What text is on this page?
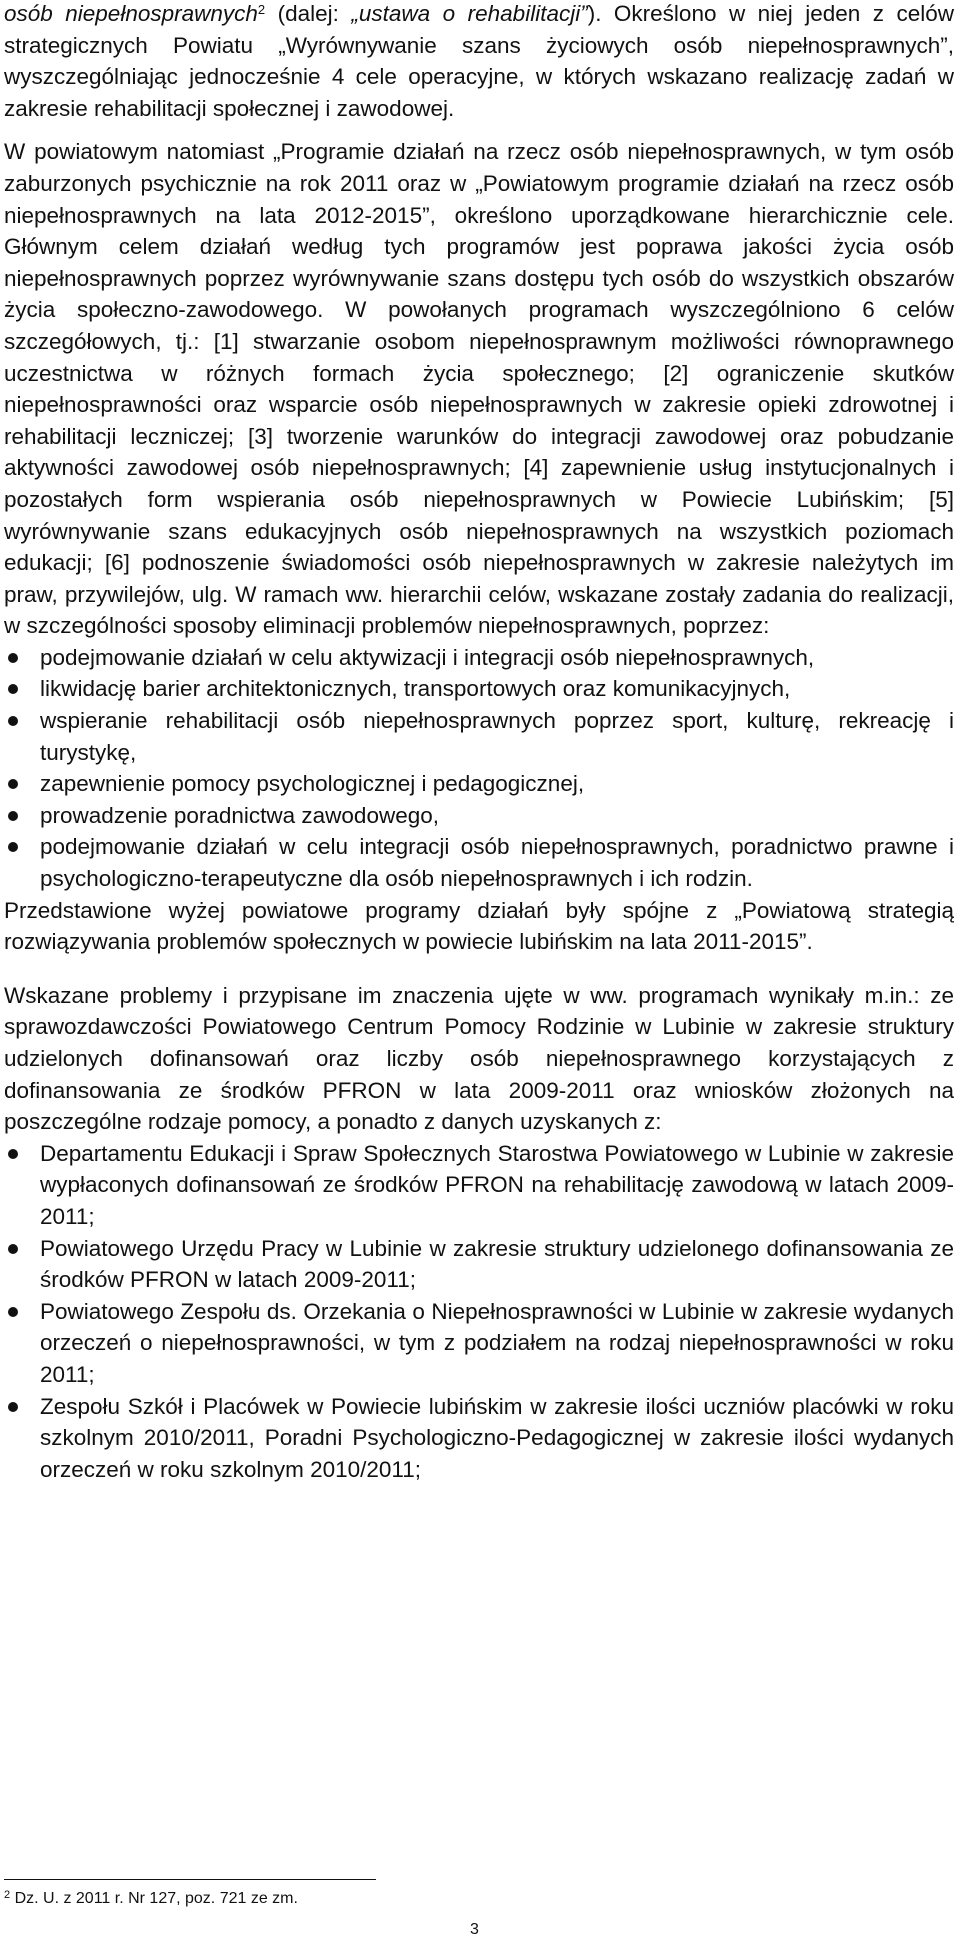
osób niepełnosprawnych$^2$ (dalej: „ustawa o rehabilitacji”). Określono w niej jeden z celów strategicznych Powiatu „Wyrównywanie szans życiowych osób niepełnosprawnych”, wyszczególniając jednocześnie 4 cele operacyjne, w których wskazano realizację zadań w zakresie rehabilitacji społecznej i zawodowej.

W powiatowym natomiast „Programie działań na rzecz osób niepełnosprawnych, w tym osób zaburzonych psychicznie na rok 2011 oraz w „Powiatowym programie działań na rzecz osób niepełnosprawnych na lata 2012-2015”, określono uporządkowane hierarchicznie cele. Głównym celem działań według tych programów jest poprawa jakości życia osób niepełnosprawnych poprzez wyrównywanie szans dostępu tych osób do wszystkich obszarów życia społeczno-zawodowego. W powołanych programach wyszczególniono 6 celów szczegółowych, tj.: [1] stwarzanie osobom niepełnosprawnym możliwości równoprawnego uczestnictwa w różnych formach życia społecznego; [2] ograniczenie skutków niepełnosprawności oraz wsparcie osób niepełnosprawnych w zakresie opieki zdrowotnej i rehabilitacji leczniczej; [3] tworzenie warunków do integracji zawodowej oraz pobudzanie aktywności zawodowej osób niepełnosprawnych; [4] zapewnienie usług instytucjonalnych i pozostałych form wspierania osób niepełnosprawnych w Powiecie Lubińskim; [5] wyrównywanie szans edukacyjnych osób niepełnosprawnych na wszystkich poziomach edukacji; [6] podnoszenie świadomości osób niepełnosprawnych w zakresie należytych im praw, przywilejów, ulg. W ramach ww. hierarchii celów, wskazane zostały zadania do realizacji, w szczególności sposoby eliminacji problemów niepełnosprawnych, poprzez:

podejmowanie działań w celu aktywizacji i integracji osób niepełnosprawnych,
likwidację barier architektonicznych, transportowych oraz komunikacyjnych,
wspieranie rehabilitacji osób niepełnosprawnych poprzez sport, kulturę, rekreację i turystykę,
zapewnienie pomocy psychologicznej i pedagogicznej,
prowadzenie poradnictwa zawodowego,
podejmowanie działań w celu integracji osób niepełnosprawnych, poradnictwo prawne i psychologiczno-terapeutyczne dla osób niepełnosprawnych i ich rodzin.

Przedstawione wyżej powiatowe programy działań były spójne z „Powiatową strategią rozwiązywania problemów społecznych w powiecie lubińskim na lata 2011-2015”.

Wskazane problemy i przypisane im znaczenia ujęte w ww. programach wynikały m.in.: ze sprawozdawczości Powiatowego Centrum Pomocy Rodzinie w Lubinie w zakresie struktury udzielonych dofinansowań oraz liczby osób niepełnosprawnego korzystających z dofinansowania ze środków PFRON w lata 2009-2011 oraz wniosków złożonych na poszczególne rodzaje pomocy, a ponadto z danych uzyskanych z:

Departamentu Edukacji i Spraw Społecznych Starostwa Powiatowego w Lubinie w zakresie wypłaconych dofinansowań ze środków PFRON na rehabilitację zawodową w latach 2009-2011;
Powiatowego Urzędu Pracy w Lubinie w zakresie struktury udzielonego dofinansowania ze środków PFRON w latach 2009-2011;
Powiatowego Zespołu ds. Orzekania o Niepełnosprawności w Lubinie w zakresie wydanych orzeczeń o niepełnosprawności, w tym z podziałem na rodzaj niepełnosprawności w roku 2011;
Zespołu Szkół i Placówek w Powiecie lubińskim w zakresie ilości uczniów placówki w roku szkolnym 2010/2011, Poradni Psychologiczno-Pedagogicznej w zakresie ilości wydanych orzeczeń w roku szkolnym 2010/2011;
$^2$ Dz. U. z 2011 r. Nr 127, poz. 721 ze zm.
3
